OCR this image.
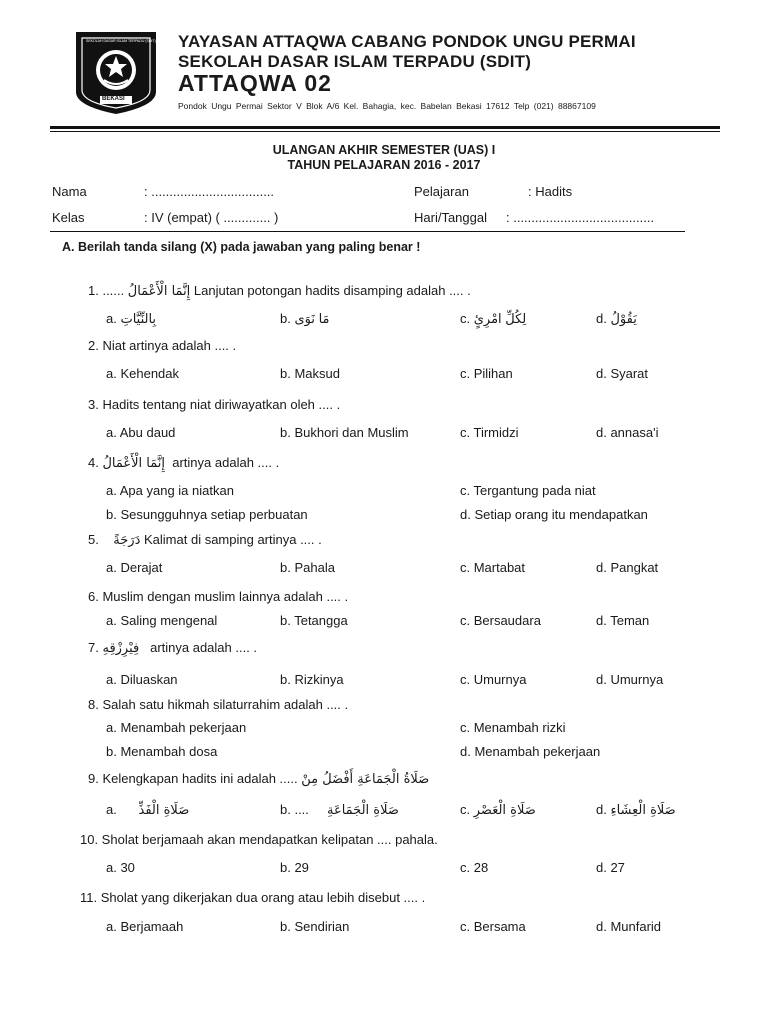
BEKASI
SEKOLAH DASAR ISLAM TERPADU (SDIT) ATTAQWA YAYASAN ATTAQWA CABANG PONDOK UNGU PERMAI
SEKOLAH DASAR ISLAM TERPADU (SDIT)
ATTAQWA 02
Pondok Ungu Permai Sektor V Blok A/6 Kel. Bahagia, kec. Babelan Bekasi 17612 Telp (021) 88867109
ULANGAN AKHIR SEMESTER (UAS) I
TAHUN PELAJARAN 2016 - 2017
Nama	: ..................................	Pelajaran	: Hadits
Kelas	: IV (empat) ( ............. )	Hari/Tanggal : .......................................
A. Berilah tanda silang (X) pada jawaban yang paling benar !
1. ...... إِنَّمَا الْأَعْمَالُ Lanjutan potongan hadits disamping adalah .... .
a. بِالنِّيَّاتِ	b. مَا نَوَى	c. لِكُلِّ امْرِئٍ	d. يَقُوْلُ
2. Niat artinya adalah .... .
a. Kehendak	b. Maksud	c. Pilihan	d. Syarat
3. Hadits tentang niat diriwayatkan oleh .... .
a. Abu daud	b. Bukhori dan Muslim	c. Tirmidzi	d. annasa'i
4. إِنَّمَا الْأَعْمَالُ artinya adalah .... .
a. Apa yang ia niatkan	c. Tergantung pada niat
b. Sesungguhnya setiap perbuatan	d. Setiap orang itu mendapatkan
5. دَرَجَةً Kalimat di samping artinya .... .
a. Derajat	b. Pahala	c. Martabat	d. Pangkat
6. Muslim dengan muslim lainnya adalah .... .
a. Saling mengenal	b. Tetangga	c. Bersaudara	d. Teman
7. فِيْرِزْقِهِ artinya adalah .... .
a. Diluaskan	b. Rizkinya	c. Umurnya	d. Umurnya
8. Salah satu hikmah silaturrahim adalah .... .
a. Menambah pekerjaan	c. Menambah rizki
b. Menambah dosa	d. Menambah pekerjaan
9. Kelengkapan hadits ini adalah ..... صَلَاةُ الْجَمَاعَةِ أَفْضَلُ مِنْ
a. صَلَاةِ الْفَذِّ	b. .... صَلَاةِ الْجَمَاعَةِ	c. صَلَاةِ الْعَصْرِ	d. صَلَاةِ الْعِشَاءِ
10. Sholat berjamaah akan mendapatkan kelipatan .... pahala.
a. 30	b. 29	c. 28	d. 27
11. Sholat yang dikerjakan dua orang atau lebih disebut .... .
a. Berjamaah	b. Sendirian	c. Bersama	d. Munfarid
